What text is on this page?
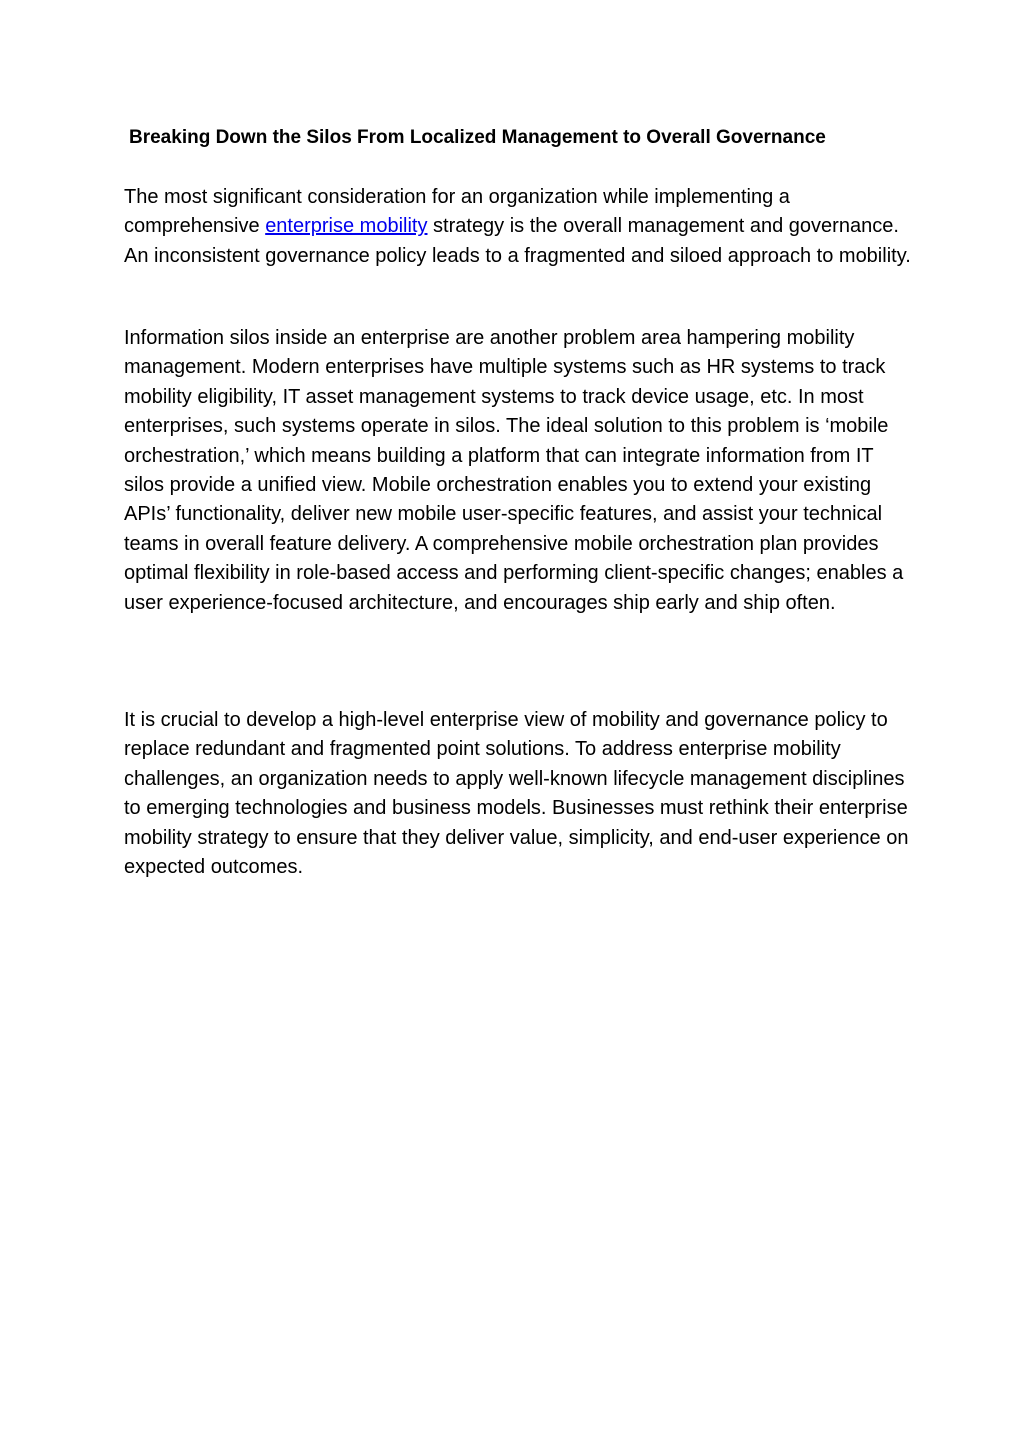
Breaking Down the Silos From Localized Management to Overall Governance

The most significant consideration for an organization while implementing a comprehensive enterprise mobility strategy is the overall management and governance. An inconsistent governance policy leads to a fragmented and siloed approach to mobility.

Information silos inside an enterprise are another problem area hampering mobility management. Modern enterprises have multiple systems such as HR systems to track mobility eligibility, IT asset management systems to track device usage, etc. In most enterprises, such systems operate in silos. The ideal solution to this problem is ‘mobile orchestration,’ which means building a platform that can integrate information from IT silos provide a unified view. Mobile orchestration enables you to extend your existing APIs’ functionality, deliver new mobile user-specific features, and assist your technical teams in overall feature delivery. A comprehensive mobile orchestration plan provides optimal flexibility in role-based access and performing client-specific changes; enables a user experience-focused architecture, and encourages ship early and ship often.

It is crucial to develop a high-level enterprise view of mobility and governance policy to replace redundant and fragmented point solutions. To address enterprise mobility challenges, an organization needs to apply well-known lifecycle management disciplines to emerging technologies and business models. Businesses must rethink their enterprise mobility strategy to ensure that they deliver value, simplicity, and end-user experience on expected outcomes.
